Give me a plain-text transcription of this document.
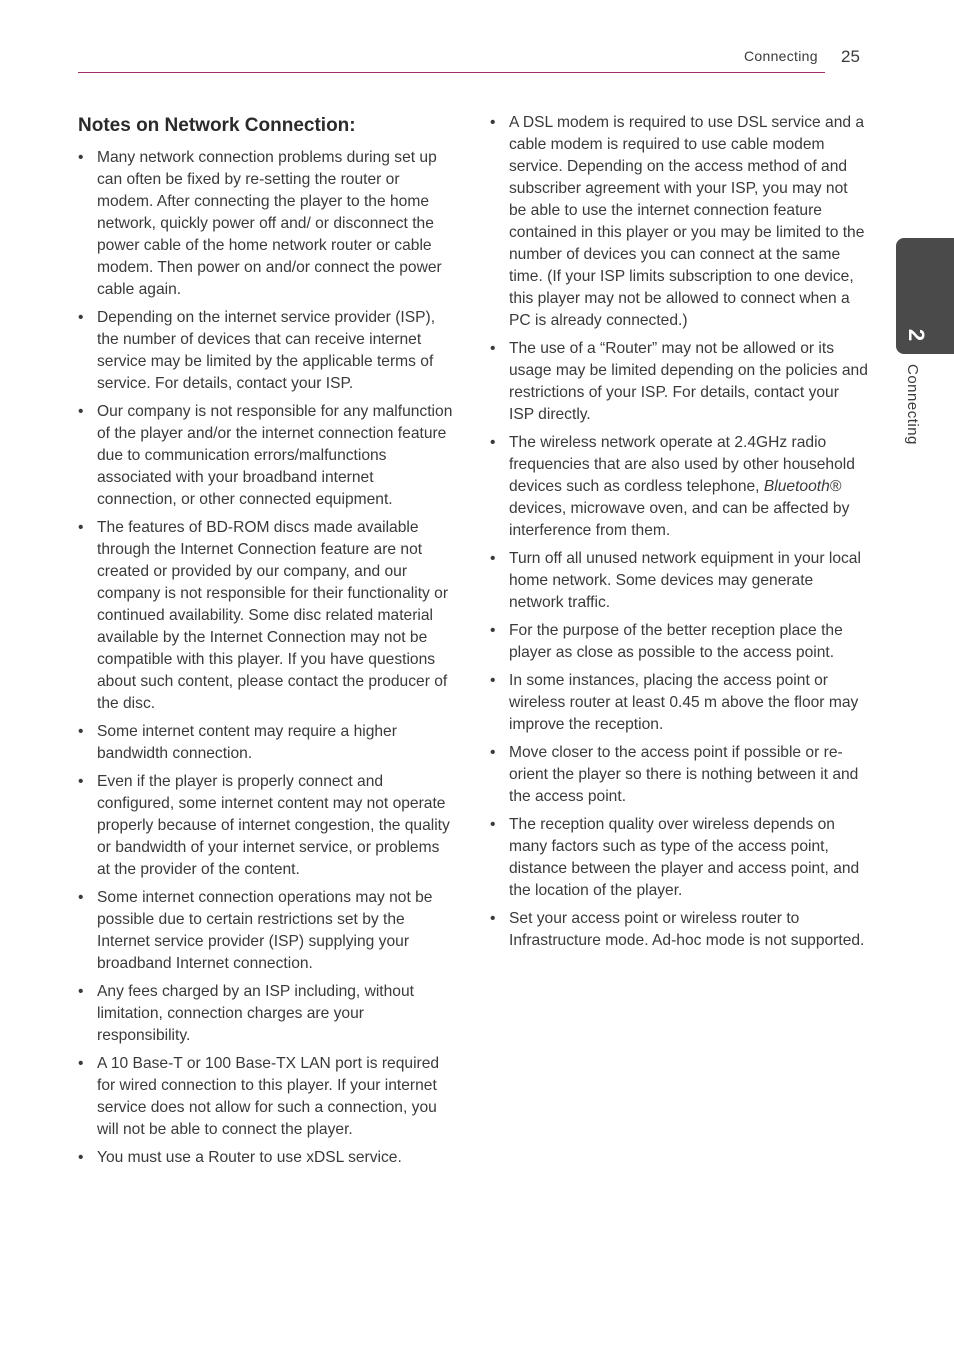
Connecting 25
2
Connecting
Notes on Network Connection:
• Many network connection problems during set up can often be fixed by re-setting the router or modem. After connecting the player to the home network, quickly power off and/ or disconnect the power cable of the home network router or cable modem. Then power on and/or connect the power cable again.
• Depending on the internet service provider (ISP), the number of devices that can receive internet service may be limited by the applicable terms of service. For details, contact your ISP.
• Our company is not responsible for any malfunction of the player and/or the internet connection feature due to communication errors/malfunctions associated with your broadband internet connection, or other connected equipment.
• The features of BD-ROM discs made available through the Internet Connection feature are not created or provided by our company, and our company is not responsible for their functionality or continued availability. Some disc related material available by the Internet Connection may not be compatible with this player. If you have questions about such content, please contact the producer of the disc.
• Some internet content may require a higher bandwidth connection.
• Even if the player is properly connect and configured, some internet content may not operate properly because of internet congestion, the quality or bandwidth of your internet service, or problems at the provider of the content.
• Some internet connection operations may not be possible due to certain restrictions set by the Internet service provider (ISP) supplying your broadband Internet connection.
• Any fees charged by an ISP including, without limitation, connection charges are your responsibility.
• A 10 Base-T or 100 Base-TX LAN port is required for wired connection to this player. If your internet service does not allow for such a connection, you will not be able to connect the player.
• You must use a Router to use xDSL service.
• A DSL modem is required to use DSL service and a cable modem is required to use cable modem service. Depending on the access method of and subscriber agreement with your ISP, you may not be able to use the internet connection feature contained in this player or you may be limited to the number of devices you can connect at the same time. (If your ISP limits subscription to one device, this player may not be allowed to connect when a PC is already connected.)
• The use of a “Router” may not be allowed or its usage may be limited depending on the policies and restrictions of your ISP. For details, contact your ISP directly.
• The wireless network operate at 2.4GHz radio frequencies that are also used by other household devices such as cordless telephone, Bluetooth® devices, microwave oven, and can be affected by interference from them.
• Turn off all unused network equipment in your local home network. Some devices may generate network traffic.
• For the purpose of the better reception place the player as close as possible to the access point.
• In some instances, placing the access point or wireless router at least 0.45 m above the floor may improve the reception.
• Move closer to the access point if possible or re-orient the player so there is nothing between it and the access point.
• The reception quality over wireless depends on many factors such as type of the access point, distance between the player and access point, and the location of the player.
• Set your access point or wireless router to Infrastructure mode. Ad-hoc mode is not supported.
